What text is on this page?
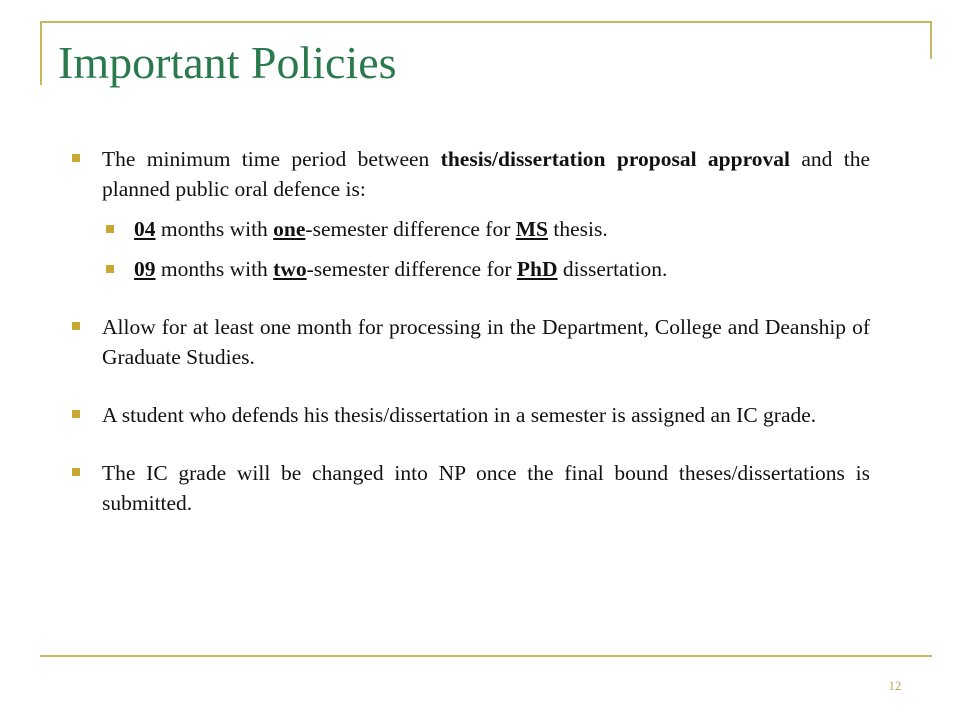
Important Policies
The minimum time period between thesis/dissertation proposal approval and the planned public oral defence is:
04 months with one-semester difference for MS thesis.
09 months with two-semester difference for PhD dissertation.
Allow for at least one month for processing in the Department, College and Deanship of Graduate Studies.
A student who defends his thesis/dissertation in a semester is assigned an IC grade.
The IC grade will be changed into NP once the final bound theses/dissertations is submitted.
12
